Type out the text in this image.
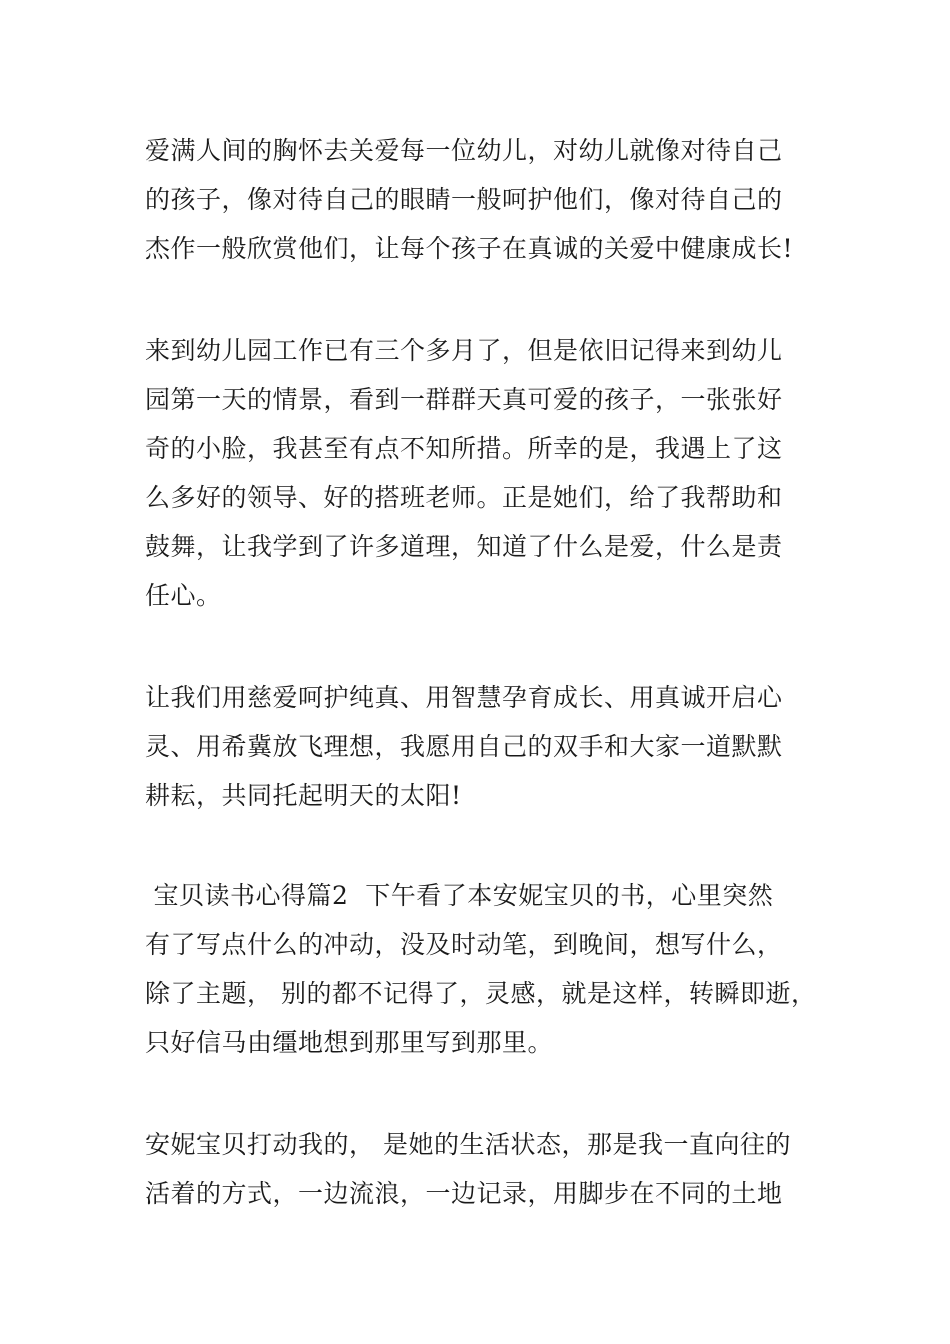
爱满人间的胸怀去关爱每一位幼儿，对幼儿就像对待自己
的孩子，像对待自己的眼睛一般呵护他们，像对待自己的
杰作一般欣赏他们，让每个孩子在真诚的关爱中健康成长!
来到幼儿园工作已有三个多月了，但是依旧记得来到幼儿
园第一天的情景，看到一群群天真可爱的孩子，一张张好
奇的小脸，我甚至有点不知所措。所幸的是，我遇上了这
么多好的领导、好的搭班老师。正是她们，给了我帮助和
鼓舞，让我学到了许多道理，知道了什么是爱，什么是责
任心。
让我们用慈爱呵护纯真、用智慧孕育成长、用真诚开启心
灵、用希冀放飞理想，我愿用自己的双手和大家一道默默
耕耘，共同托起明天的太阳!
宝贝读书心得篇2  下午看了本安妮宝贝的书，心里突然
有了写点什么的冲动，没及时动笔，到晚间，想写什么，
除了主题， 别的都不记得了，灵感，就是这样，转瞬即逝，
只好信马由缰地想到那里写到那里。
安妮宝贝打动我的， 是她的生活状态，那是我一直向往的
活着的方式，一边流浪，一边记录，用脚步在不同的土地
